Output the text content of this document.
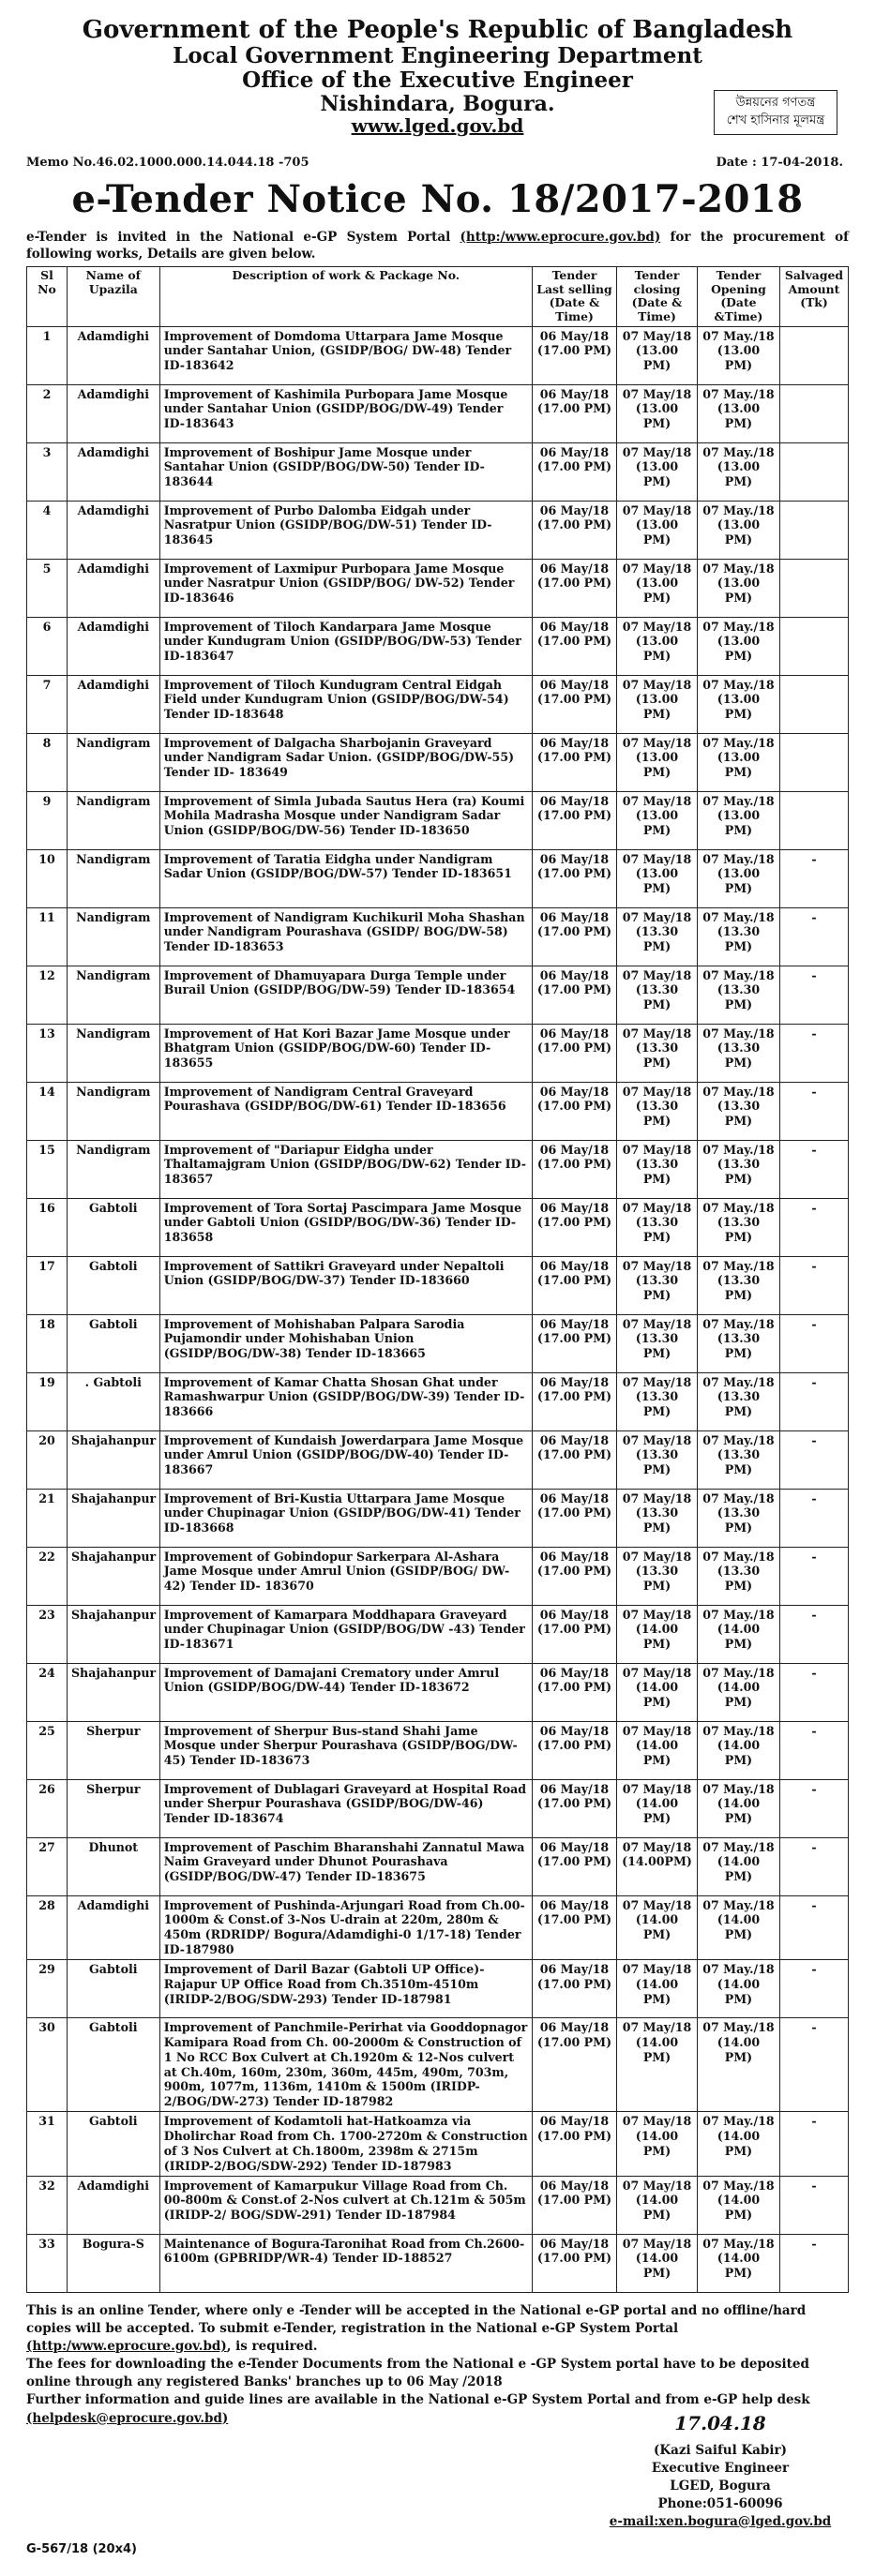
Government of the People's Republic of Bangladesh
Local Government Engineering Department
Office of the Executive Engineer
Nishindara, Bogura.
www.lged.gov.bd
উন্নয়নের গণতন্ত্র
শেখ হাসিনার মূলমন্ত্র
Memo No.46.02.1000.000.14.044.18 -705	Date : 17-04-2018.
e-Tender Notice No. 18/2017-2018
e-Tender is invited in the National e-GP System Portal (http:/www.eprocure.gov.bd) for the procurement of following works, Details are given below.
Sl No	Name of Upazila	Description of work & Package No.	Tender Last selling (Date & Time)	Tender closing (Date & Time)	Tender Opening (Date &Time)	Salvaged Amount (Tk)
1	Adamdighi	Improvement of Domdoma Uttarpara Jame Mosque under Santahar Union, (GSIDP/BOG/ DW-48) Tender ID-183642	06 May/18 (17.00 PM)	07 May/18 (13.00 PM)	07 May./18 (13.00 PM)	
2	Adamdighi	Improvement of Kashimila Purbopara Jame Mosque under Santahar Union (GSIDP/BOG/DW-49) Tender ID-183643	06 May/18 (17.00 PM)	07 May/18 (13.00 PM)	07 May./18 (13.00 PM)	
3	Adamdighi	Improvement of Boshipur Jame Mosque under Santahar Union (GSIDP/BOG/DW-50) Tender ID-183644	06 May/18 (17.00 PM)	07 May/18 (13.00 PM)	07 May./18 (13.00 PM)	
4	Adamdighi	Improvement of Purbo Dalomba Eidgah under Nasratpur Union (GSIDP/BOG/DW-51) Tender ID-183645	06 May/18 (17.00 PM)	07 May/18 (13.00 PM)	07 May./18 (13.00 PM)	
5	Adamdighi	Improvement of Laxmipur Purbopara Jame Mosque under Nasratpur Union (GSIDP/BOG/ DW-52) Tender ID-183646	06 May/18 (17.00 PM)	07 May/18 (13.00 PM)	07 May./18 (13.00 PM)	
6	Adamdighi	Improvement of Tiloch Kandarpara Jame Mosque under Kundugram Union (GSIDP/BOG/DW-53) Tender ID-183647	06 May/18 (17.00 PM)	07 May/18 (13.00 PM)	07 May./18 (13.00 PM)	
7	Adamdighi	Improvement of Tiloch Kundugram Central Eidgah Field under Kundugram Union (GSIDP/BOG/DW-54) Tender ID-183648	06 May/18 (17.00 PM)	07 May/18 (13.00 PM)	07 May./18 (13.00 PM)	
8	Nandigram	Improvement of Dalgacha Sharbojanin Graveyard under Nandigram Sadar Union. (GSIDP/BOG/DW-55) Tender ID- 183649	06 May/18 (17.00 PM)	07 May/18 (13.00 PM)	07 May./18 (13.00 PM)	
9	Nandigram	Improvement of Simla Jubada Sautus Hera (ra) Koumi Mohila Madrasha Mosque under Nandigram Sadar Union (GSIDP/BOG/DW-56) Tender ID-183650	06 May/18 (17.00 PM)	07 May/18 (13.00 PM)	07 May./18 (13.00 PM)	
10	Nandigram	Improvement of Taratia Eidgha under Nandigram Sadar Union (GSIDP/BOG/DW-57) Tender ID-183651	06 May/18 (17.00 PM)	07 May/18 (13.00 PM)	07 May./18 (13.00 PM)	-
11	Nandigram	Improvement of Nandigram Kuchikuril Moha Shashan under Nandigram Pourashava (GSIDP/ BOG/DW-58) Tender ID-183653	06 May/18 (17.00 PM)	07 May/18 (13.30 PM)	07 May./18 (13.30 PM)	-
12	Nandigram	Improvement of Dhamuyapara Durga Temple under Burail Union (GSIDP/BOG/DW-59) Tender ID-183654	06 May/18 (17.00 PM)	07 May/18 (13.30 PM)	07 May./18 (13.30 PM)	-
13	Nandigram	Improvement of Hat Kori Bazar Jame Mosque under Bhatgram Union (GSIDP/BOG/DW-60) Tender ID-183655	06 May/18 (17.00 PM)	07 May/18 (13.30 PM)	07 May./18 (13.30 PM)	-
14	Nandigram	Improvement of Nandigram Central Graveyard Pourashava (GSIDP/BOG/DW-61) Tender ID-183656	06 May/18 (17.00 PM)	07 May/18 (13.30 PM)	07 May./18 (13.30 PM)	-
15	Nandigram	Improvement of "Dariapur Eidgha under Thaltamajgram Union (GSIDP/BOG/DW-62) Tender ID-183657	06 May/18 (17.00 PM)	07 May/18 (13.30 PM)	07 May./18 (13.30 PM)	-
16	Gabtoli	Improvement of Tora Sortaj Pascimpara Jame Mosque under Gabtoli Union (GSIDP/BOG/DW-36) Tender ID-183658	06 May/18 (17.00 PM)	07 May/18 (13.30 PM)	07 May./18 (13.30 PM)	-
17	Gabtoli	Improvement of Sattikri Graveyard under Nepaltoli Union (GSIDP/BOG/DW-37) Tender ID-183660	06 May/18 (17.00 PM)	07 May/18 (13.30 PM)	07 May./18 (13.30 PM)	-
18	Gabtoli	Improvement of Mohishaban Palpara Sarodia Pujamondir under Mohishaban Union (GSIDP/BOG/DW-38) Tender ID-183665	06 May/18 (17.00 PM)	07 May/18 (13.30 PM)	07 May./18 (13.30 PM)	-
19	. Gabtoli	Improvement of Kamar Chatta Shosan Ghat under Ramashwarpur Union (GSIDP/BOG/DW-39) Tender ID-183666	06 May/18 (17.00 PM)	07 May/18 (13.30 PM)	07 May./18 (13.30 PM)	-
20	Shajahanpur	Improvement of Kundaish Jowerdarpara Jame Mosque under Amrul Union (GSIDP/BOG/DW-40) Tender ID-183667	06 May/18 (17.00 PM)	07 May/18 (13.30 PM)	07 May./18 (13.30 PM)	-
21	Shajahanpur	Improvement of Bri-Kustia Uttarpara Jame Mosque under Chupinagar Union (GSIDP/BOG/DW-41) Tender ID-183668	06 May/18 (17.00 PM)	07 May/18 (13.30 PM)	07 May./18 (13.30 PM)	-
22	Shajahanpur	Improvement of Gobindopur Sarkerpara Al-Ashara Jame Mosque under Amrul Union (GSIDP/BOG/ DW- 42) Tender ID- 183670	06 May/18 (17.00 PM)	07 May/18 (13.30 PM)	07 May./18 (13.30 PM)	-
23	Shajahanpur	Improvement of Kamarpara Moddhapara Graveyard under Chupinagar Union (GSIDP/BOG/DW -43) Tender ID-183671	06 May/18 (17.00 PM)	07 May/18 (14.00 PM)	07 May./18 (14.00 PM)	-
24	Shajahanpur	Improvement of Damajani Crematory under Amrul Union (GSIDP/BOG/DW-44) Tender ID-183672	06 May/18 (17.00 PM)	07 May/18 (14.00 PM)	07 May./18 (14.00 PM)	-
25	Sherpur	Improvement of Sherpur Bus-stand Shahi Jame Mosque under Sherpur Pourashava (GSIDP/BOG/DW-45) Tender ID-183673	06 May/18 (17.00 PM)	07 May/18 (14.00 PM)	07 May./18 (14.00 PM)	-
26	Sherpur	Improvement of Dublagari Graveyard at Hospital Road under Sherpur Pourashava (GSIDP/BOG/DW-46) Tender ID-183674	06 May/18 (17.00 PM)	07 May/18 (14.00 PM)	07 May./18 (14.00 PM)	-
27	Dhunot	Improvement of Paschim Bharanshahi Zannatul Mawa Naim Graveyard under Dhunot Pourashava (GSIDP/BOG/DW-47) Tender ID-183675	06 May/18 (17.00 PM)	07 May/18 (14.00PM)	07 May./18 (14.00 PM)	-
28	Adamdighi	Improvement of Pushinda-Arjungari Road from Ch.00-1000m & Const.of 3-Nos U-drain at 220m, 280m & 450m (RDRIDP/ Bogura/Adamdighi-0 1/17-18) Tender ID-187980	06 May/18 (17.00 PM)	07 May/18 (14.00 PM)	07 May./18 (14.00 PM)	-
29	Gabtoli	Improvement of Daril Bazar (Gabtoli UP Office)-Rajapur UP Office Road from Ch.3510m-4510m (IRIDP-2/BOG/SDW-293) Tender ID-187981	06 May/18 (17.00 PM)	07 May/18 (14.00 PM)	07 May./18 (14.00 PM)	-
30	Gabtoli	Improvement of Panchmile-Perirhat via Gooddopnagor Kamipara Road from Ch. 00-2000m & Construction of 1 No RCC Box Culvert at Ch.1920m & 12-Nos culvert at Ch.40m, 160m, 230m, 360m, 445m, 490m, 703m, 900m, 1077m, 1136m, 1410m & 1500m (IRIDP-2/BOG/DW-273) Tender ID-187982	06 May/18 (17.00 PM)	07 May/18 (14.00 PM)	07 May./18 (14.00 PM)	-
31	Gabtoli	Improvement of Kodamtoli hat-Hatkoamza via Dholirchar Road from Ch. 1700-2720m & Construction of 3 Nos Culvert at Ch.1800m, 2398m & 2715m (IRIDP-2/BOG/SDW-292) Tender ID-187983	06 May/18 (17.00 PM)	07 May/18 (14.00 PM)	07 May./18 (14.00 PM)	-
32	Adamdighi	Improvement of Kamarpukur Village Road from Ch. 00-800m & Const.of 2-Nos culvert at Ch.121m & 505m (IRIDP-2/ BOG/SDW-291) Tender ID-187984	06 May/18 (17.00 PM)	07 May/18 (14.00 PM)	07 May./18 (14.00 PM)	-
33	Bogura-S	Maintenance of Bogura-Taronihat Road from Ch.2600-6100m (GPBRIDP/WR-4) Tender ID-188527	06 May/18 (17.00 PM)	07 May/18 (14.00 PM)	07 May./18 (14.00 PM)	-
This is an online Tender, where only e -Tender will be accepted in the National e-GP portal and no offline/hard copies will be accepted. To submit e-Tender, registration in the National e-GP System Portal (http:/www.eprocure.gov.bd), is required.
The fees for downloading the e-Tender Documents from the National e -GP System portal have to be deposited online through any registered Banks' branches up to 06 May /2018
Further information and guide lines are available in the National e-GP System Portal and from e-GP help desk (helpdesk@eprocure.gov.bd)	17.04.18
(Kazi Saiful Kabir)
Executive Engineer
LGED, Bogura
Phone:051-60096
e-mail:xen.bogura@lged.gov.bd
G-567/18 (20x4)
